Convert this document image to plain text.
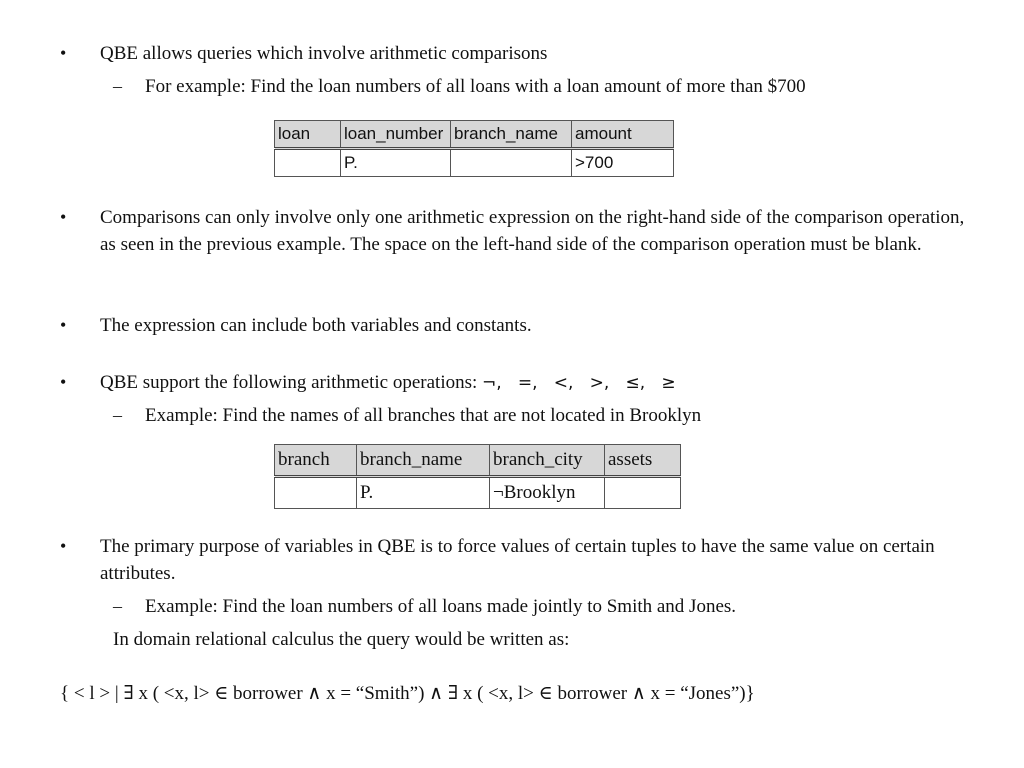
• QBE allows queries which involve arithmetic comparisons
– For example: Find the loan numbers of all loans with a loan amount of more than $700
loan	loan_number	branch_name	amount
	P.		>700
• Comparisons can only involve only one arithmetic expression on the right-hand side of the comparison operation, as seen in the previous example. The space on the left-hand side of the comparison operation must be blank.
• The expression can include both variables and constants.
• QBE support the following arithmetic operations: ¬,   =,   <,   >,   ≤,   ≥
– Example: Find the names of all branches that are not located in Brooklyn
branch	branch_name	branch_city	assets
	P.	¬Brooklyn	
• The primary purpose of variables in QBE is to force values of certain tuples to have the same value on certain attributes.
– Example: Find the loan numbers of all loans made jointly to Smith and Jones.
In domain relational calculus the query would be written as:
{ < l > | ∃ x ( <x, l> ∈ borrower ∧ x = “Smith”) ∧ ∃ x ( <x, l> ∈ borrower ∧ x = “Jones”)}
